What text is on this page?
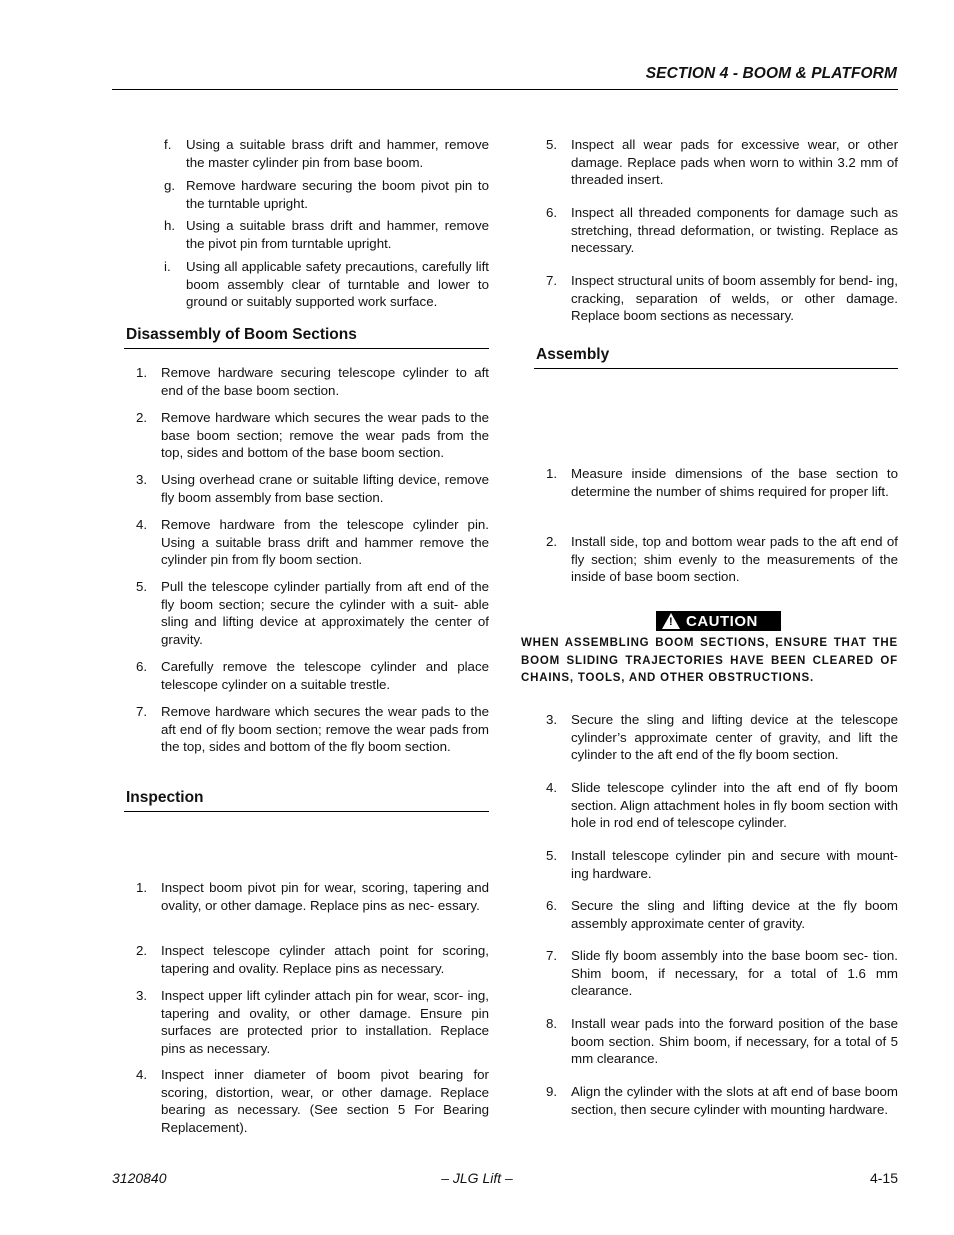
SECTION 4 - BOOM & PLATFORM
f. Using a suitable brass drift and hammer, remove the master cylinder pin from base boom.
g. Remove hardware securing the boom pivot pin to the turntable upright.
h. Using a suitable brass drift and hammer, remove the pivot pin from turntable upright.
i. Using all applicable safety precautions, carefully lift boom assembly clear of turntable and lower to ground or suitably supported work surface.
Disassembly of Boom Sections
1. Remove hardware securing telescope cylinder to aft end of the base boom section.
2. Remove hardware which secures the wear pads to the base boom section; remove the wear pads from the top, sides and bottom of the base boom section.
3. Using overhead crane or suitable lifting device, remove fly boom assembly from base section.
4. Remove hardware from the telescope cylinder pin. Using a suitable brass drift and hammer remove the cylinder pin from fly boom section.
5. Pull the telescope cylinder partially from aft end of the fly boom section; secure the cylinder with a suit- able sling and lifting device at approximately the center of gravity.
6. Carefully remove the telescope cylinder and place telescope cylinder on a suitable trestle.
7. Remove hardware which secures the wear pads to the aft end of fly boom section; remove the wear pads from the top, sides and bottom of the fly boom section.
Inspection
1. Inspect boom pivot pin for wear, scoring, tapering and ovality, or other damage. Replace pins as nec- essary.
2. Inspect telescope cylinder attach point for scoring, tapering and ovality. Replace pins as necessary.
3. Inspect upper lift cylinder attach pin for wear, scor- ing, tapering and ovality, or other damage. Ensure pin surfaces are protected prior to installation. Replace pins as necessary.
4. Inspect inner diameter of boom pivot bearing for scoring, distortion, wear, or other damage. Replace bearing as necessary. (See section 5 For Bearing Replacement).
5. Inspect all wear pads for excessive wear, or other damage. Replace pads when worn to within 3.2 mm of threaded insert.
6. Inspect all threaded components for damage such as stretching, thread deformation, or twisting. Replace as necessary.
7. Inspect structural units of boom assembly for bend- ing, cracking, separation of welds, or other damage. Replace boom sections as necessary.
Assembly
1. Measure inside dimensions of the base section to determine the number of shims required for proper lift.
2. Install side, top and bottom wear pads to the aft end of fly section; shim evenly to the measurements of the inside of base boom section.
! CAUTION
WHEN ASSEMBLING BOOM SECTIONS, ENSURE THAT THE BOOM SLIDING TRAJECTORIES HAVE BEEN CLEARED OF CHAINS, TOOLS, AND OTHER OBSTRUCTIONS.
3. Secure the sling and lifting device at the telescope cylinder’s approximate center of gravity, and lift the cylinder to the aft end of the fly boom section.
4. Slide telescope cylinder into the aft end of fly boom section. Align attachment holes in fly boom section with hole in rod end of telescope cylinder.
5. Install telescope cylinder pin and secure with mount- ing hardware.
6. Secure the sling and lifting device at the fly boom assembly approximate center of gravity.
7. Slide fly boom assembly into the base boom sec- tion. Shim boom, if necessary, for a total of 1.6 mm clearance.
8. Install wear pads into the forward position of the base boom section. Shim boom, if necessary, for a total of 5 mm clearance.
9. Align the cylinder with the slots at aft end of base boom section, then secure cylinder with mounting hardware.
3120840	– JLG Lift –	4-15
